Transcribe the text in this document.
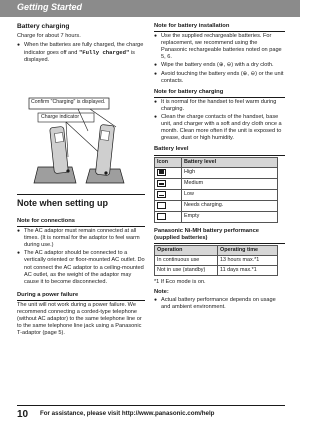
Getting Started
Battery charging

Charge for about 7 hours.

● When the batteries are fully charged, the charge indicator goes off and "Fully charged" is displayed.
Confirm "Charging" is displayed.
Charge indicator
Note when setting up
Note for connections
● The AC adaptor must remain connected at all times. (It is normal for the adaptor to feel warm during use.)
● The AC adaptor should be connected to a vertically oriented or floor-mounted AC outlet. Do not connect the AC adaptor to a ceiling-mounted AC outlet, as the weight of the adaptor may cause it to become disconnected.
During a power failure

The unit will not work during a power failure. We recommend connecting a corded-type telephone (without AC adaptor) to the same telephone line or to the same telephone line jack using a Panasonic T-adaptor (page 5).

Note for battery installation
● Use the supplied rechargeable batteries. For replacement, we recommend using the Panasonic rechargeable batteries noted on page 5, 6.
● Wipe the battery ends (⊕, ⊖) with a dry cloth.
● Avoid touching the battery ends (⊕, ⊖) or the unit contacts.
Note for battery charging
● It is normal for the handset to feel warm during charging.
● Clean the charge contacts of the handset, base unit, and charger with a soft and dry cloth once a month. Clean more often if the unit is exposed to grease, dust or high humidity.
Battery level
Icon	Battery level

	High

	Medium

	Low

	Needs charging.

	Empty
Panasonic Ni-MH battery performance (supplied batteries)
Operation	Operating time
In continuous use	13 hours max.*1
Not in use (standby)	11 days max.*1

*1 If Eco mode is on.

Note:
● Actual battery performance depends on usage and ambient environment.
10 For assistance, please visit http://www.panasonic.com/help
